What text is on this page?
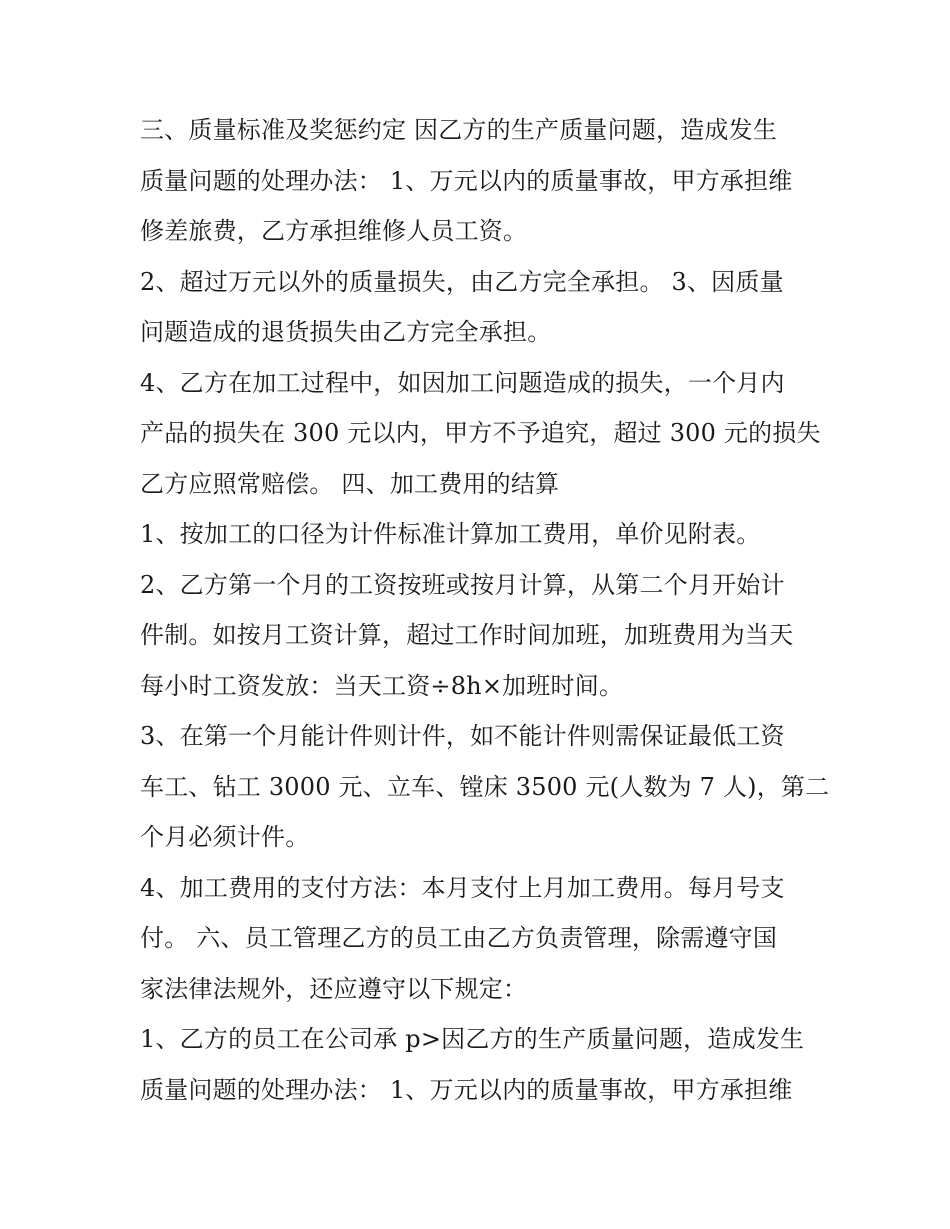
三、质量标准及奖惩约定 因乙方的生产质量问题，造成发生
质量问题的处理办法： 1、万元以内的质量事故，甲方承担维
修差旅费，乙方承担维修人员工资。
2、超过万元以外的质量损失，由乙方完全承担。 3、因质量
问题造成的退货损失由乙方完全承担。
4、乙方在加工过程中，如因加工问题造成的损失，一个月内
产品的损失在 300 元以内，甲方不予追究，超过 300 元的损失
乙方应照常赔偿。 四、加工费用的结算
1、按加工的口径为计件标准计算加工费用，单价见附表。
2、乙方第一个月的工资按班或按月计算，从第二个月开始计
件制。如按月工资计算，超过工作时间加班，加班费用为当天
每小时工资发放：当天工资÷8h×加班时间。
3、在第一个月能计件则计件，如不能计件则需保证最低工资
车工、钻工 3000 元、立车、镗床 3500 元(人数为 7 人)，第二
个月必须计件。
4、加工费用的支付方法：本月支付上月加工费用。每月号支
付。 六、员工管理乙方的员工由乙方负责管理，除需遵守国
家法律法规外，还应遵守以下规定：
1、乙方的员工在公司承 p>因乙方的生产质量问题，造成发生
质量问题的处理办法： 1、万元以内的质量事故，甲方承担维
